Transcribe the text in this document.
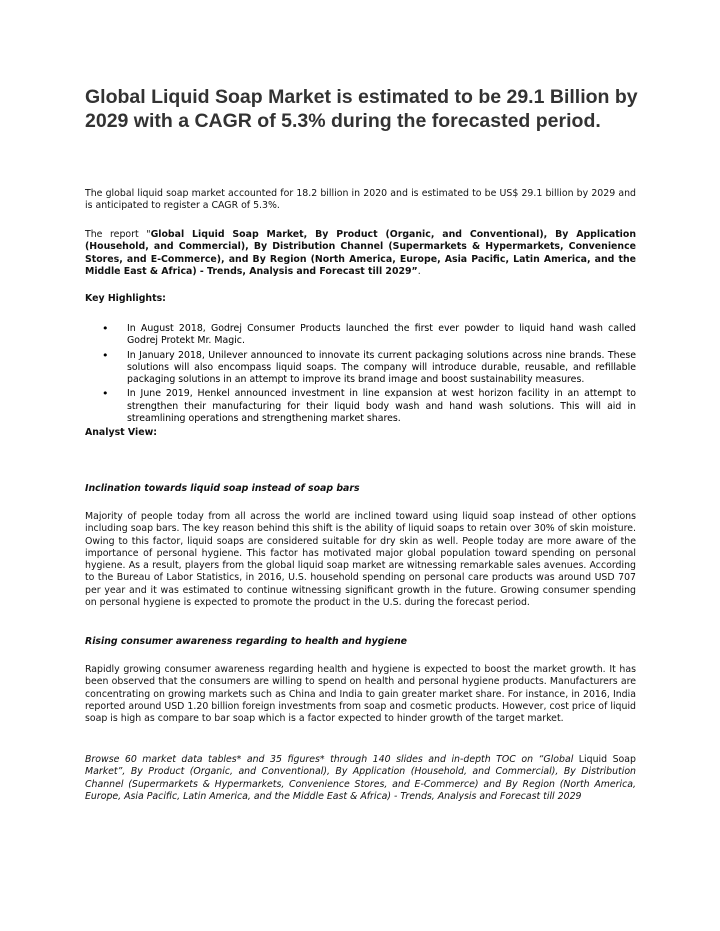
Global Liquid Soap Market is estimated to be 29.1 Billion by 2029 with a CAGR of 5.3% during the forecasted period.

The global liquid soap market accounted for 18.2 billion in 2020 and is estimated to be US$ 29.1 billion by 2029 and is anticipated to register a CAGR of 5.3%.

The report "Global Liquid Soap Market, By Product (Organic, and Conventional), By Application (Household, and Commercial), By Distribution Channel (Supermarkets & Hypermarkets, Convenience Stores, and E-Commerce), and By Region (North America, Europe, Asia Pacific, Latin America, and the Middle East & Africa) - Trends, Analysis and Forecast till 2029”.

Key Highlights:
• In August 2018, Godrej Consumer Products launched the first ever powder to liquid hand wash called Godrej Protekt Mr. Magic.
• In January 2018, Unilever announced to innovate its current packaging solutions across nine brands. These solutions will also encompass liquid soaps. The company will introduce durable, reusable, and refillable packaging solutions in an attempt to improve its brand image and boost sustainability measures.
• In June 2019, Henkel announced investment in line expansion at west horizon facility in an attempt to strengthen their manufacturing for their liquid body wash and hand wash solutions. This will aid in streamlining operations and strengthening market shares.
Analyst View:
Inclination towards liquid soap instead of soap bars

Majority of people today from all across the world are inclined toward using liquid soap instead of other options including soap bars. The key reason behind this shift is the ability of liquid soaps to retain over 30% of skin moisture. Owing to this factor, liquid soaps are considered suitable for dry skin as well. People today are more aware of the importance of personal hygiene. This factor has motivated major global population toward spending on personal hygiene. As a result, players from the global liquid soap market are witnessing remarkable sales avenues. According to the Bureau of Labor Statistics, in 2016, U.S. household spending on personal care products was around USD 707 per year and it was estimated to continue witnessing significant growth in the future. Growing consumer spending on personal hygiene is expected to promote the product in the U.S. during the forecast period.

Rising consumer awareness regarding to health and hygiene

Rapidly growing consumer awareness regarding health and hygiene is expected to boost the market growth. It has been observed that the consumers are willing to spend on health and personal hygiene products. Manufacturers are concentrating on growing markets such as China and India to gain greater market share. For instance, in 2016, India reported around USD 1.20 billion foreign investments from soap and cosmetic products. However, cost price of liquid soap is high as compare to bar soap which is a factor expected to hinder growth of the target market.

Browse 60 market data tables* and 35 figures* through 140 slides and in-depth TOC on “Global Liquid Soap Market”, By Product (Organic, and Conventional), By Application (Household, and Commercial), By Distribution Channel (Supermarkets & Hypermarkets, Convenience Stores, and E-Commerce) and By Region (North America, Europe, Asia Pacific, Latin America, and the Middle East & Africa) - Trends, Analysis and Forecast till 2029
